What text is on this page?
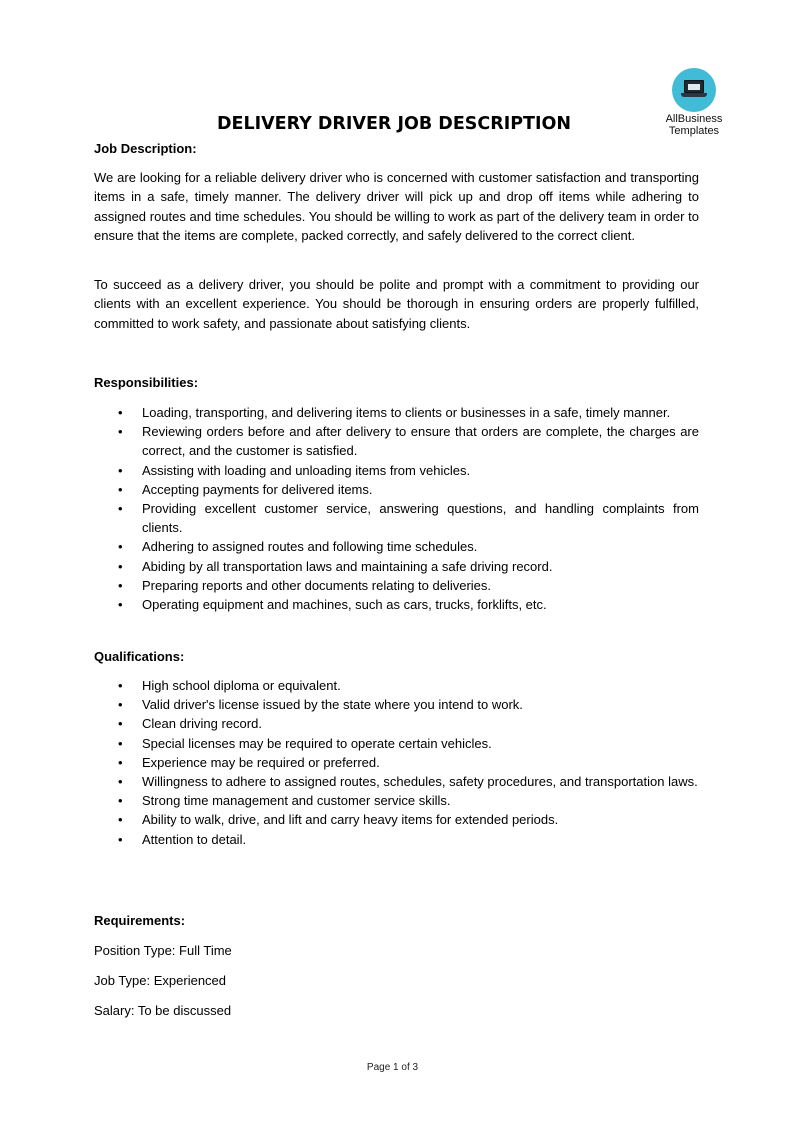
AllBusiness
Templates
DELIVERY DRIVER JOB DESCRIPTION

Job Description:

We are looking for a reliable delivery driver who is concerned with customer satisfaction and transporting items in a safe, timely manner. The delivery driver will pick up and drop off items while adhering to assigned routes and time schedules. You should be willing to work as part of the delivery team in order to ensure that the items are complete, packed correctly, and safely delivered to the correct client.

To succeed as a delivery driver, you should be polite and prompt with a commitment to providing our clients with an excellent experience. You should be thorough in ensuring orders are properly fulfilled, committed to work safety, and passionate about satisfying clients.

Responsibilities:

• Loading, transporting, and delivering items to clients or businesses in a safe, timely manner.
• Reviewing orders before and after delivery to ensure that orders are complete, the charges are correct, and the customer is satisfied.
• Assisting with loading and unloading items from vehicles.
• Accepting payments for delivered items.
• Providing excellent customer service, answering questions, and handling complaints from clients.
• Adhering to assigned routes and following time schedules.
• Abiding by all transportation laws and maintaining a safe driving record.
• Preparing reports and other documents relating to deliveries.
• Operating equipment and machines, such as cars, trucks, forklifts, etc.

Qualifications:

• High school diploma or equivalent.
• Valid driver's license issued by the state where you intend to work.
• Clean driving record.
• Special licenses may be required to operate certain vehicles.
• Experience may be required or preferred.
• Willingness to adhere to assigned routes, schedules, safety procedures, and transportation laws.
• Strong time management and customer service skills.
• Ability to walk, drive, and lift and carry heavy items for extended periods.
• Attention to detail.

Requirements:

Position Type: Full Time
Job Type: Experienced
Salary: To be discussed
Page 1 of 3
